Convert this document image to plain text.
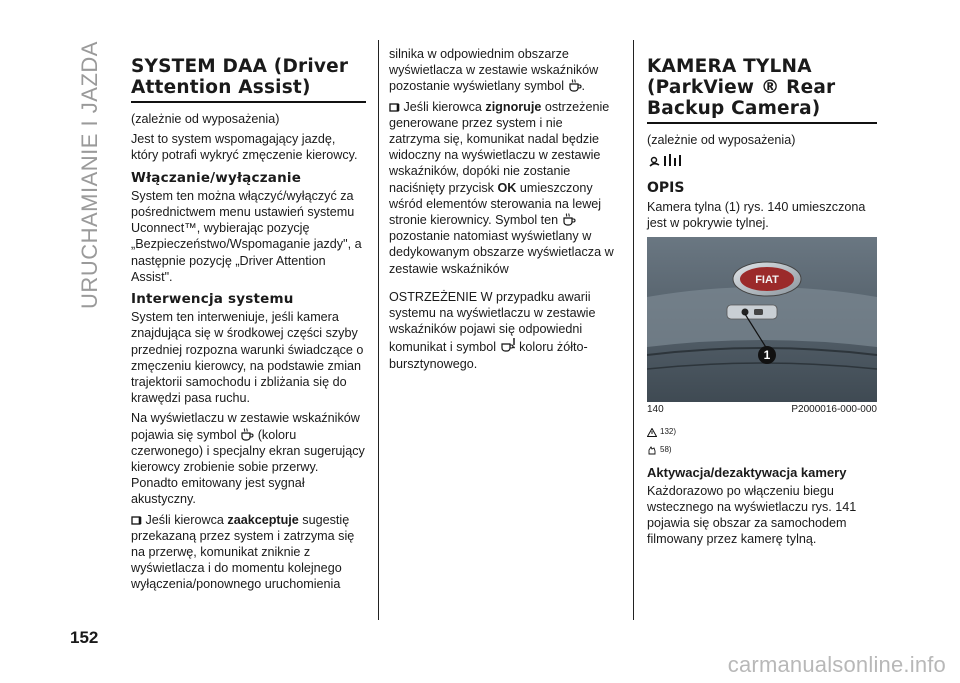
URUCHAMIANIE I JAZDA SYSTEM DAA (Driver Attention Assist)

(zależnie od wyposażenia)

Jest to system wspomagający jazdę, który potrafi wykryć zmęczenie kierowcy.

Włączanie/wyłączanie

System ten można włączyć/wyłączyć za pośrednictwem menu ustawień systemu Uconnect™, wybierając pozycję „Bezpieczeństwo/Wspomaganie jazdy", a następnie pozycję „Driver Attention Assist".

Interwencja systemu

System ten interweniuje, jeśli kamera znajdująca się w środkowej części szyby przedniej rozpozna warunki świadczące o zmęczeniu kierowcy, na podstawie zmian trajektorii samochodu i zbliżania się do krawędzi pasa ruchu.

Na wyświetlaczu w zestawie wskaźników pojawia się symbol (koloru czerwonego) i specjalny ekran sugerujący kierowcy zrobienie sobie przerwy. Ponadto emitowany jest sygnał akustyczny.

Jeśli kierowca zaakceptuje sugestię przekazaną przez system i zatrzyma się na przerwę, komunikat zniknie z wyświetlacza i do momentu kolejnego wyłączenia/ponownego uruchomienia

silnika w odpowiednim obszarze wyświetlacza w zestawie wskaźników pozostanie wyświetlany symbol .

Jeśli kierowca zignoruje ostrzeżenie generowane przez system i nie zatrzyma się, komunikat nadal będzie widoczny na wyświetlaczu w zestawie wskaźników, dopóki nie zostanie naciśnięty przycisk OK umieszczony wśród elementów sterowania na lewej stronie kierownicy. Symbol ten  pozostanie natomiast wyświetlany w dedykowanym obszarze wyświetlacza w zestawie wskaźników

OSTRZEŻENIE W przypadku awarii systemu na wyświetlaczu w zestawie wskaźników pojawi się odpowiedni komunikat i symbol koloru żółto-bursztynowego.

KAMERA TYLNA (ParkView ® Rear Backup Camera)

(zależnie od wyposażenia)

OPIS

Kamera tylna (1) rys. 140 umieszczona jest w pokrywie tylnej.

FIAT
1
140	P2000016-000-000
132)
58)
Aktywacja/dezaktywacja kamery

Każdorazowo po włączeniu biegu wstecznego na wyświetlaczu rys. 141 pojawia się obszar za samochodem filmowany przez kamerę tylną.

152
carmanualsonline.info
